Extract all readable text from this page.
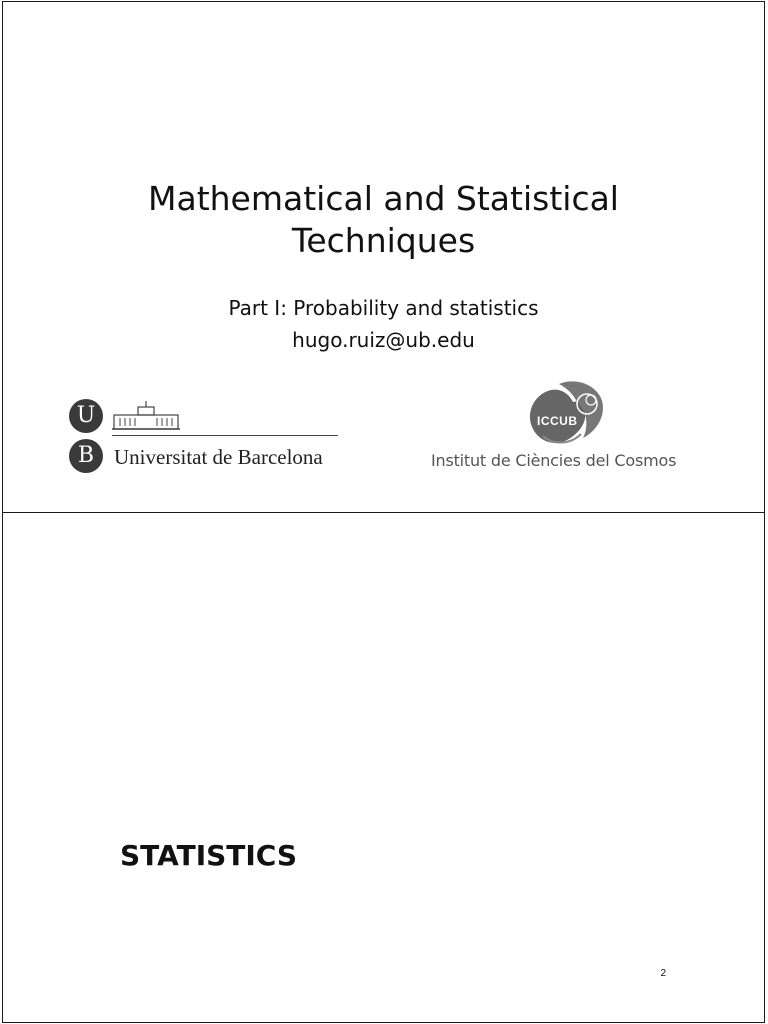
Mathematical and Statistical
Techniques
Part I: Probability and statistics
hugo.ruiz@ub.edu
U
B Universitat de Barcelona
ICCUB
Institut de Ciències del Cosmos
STATISTICS
2
